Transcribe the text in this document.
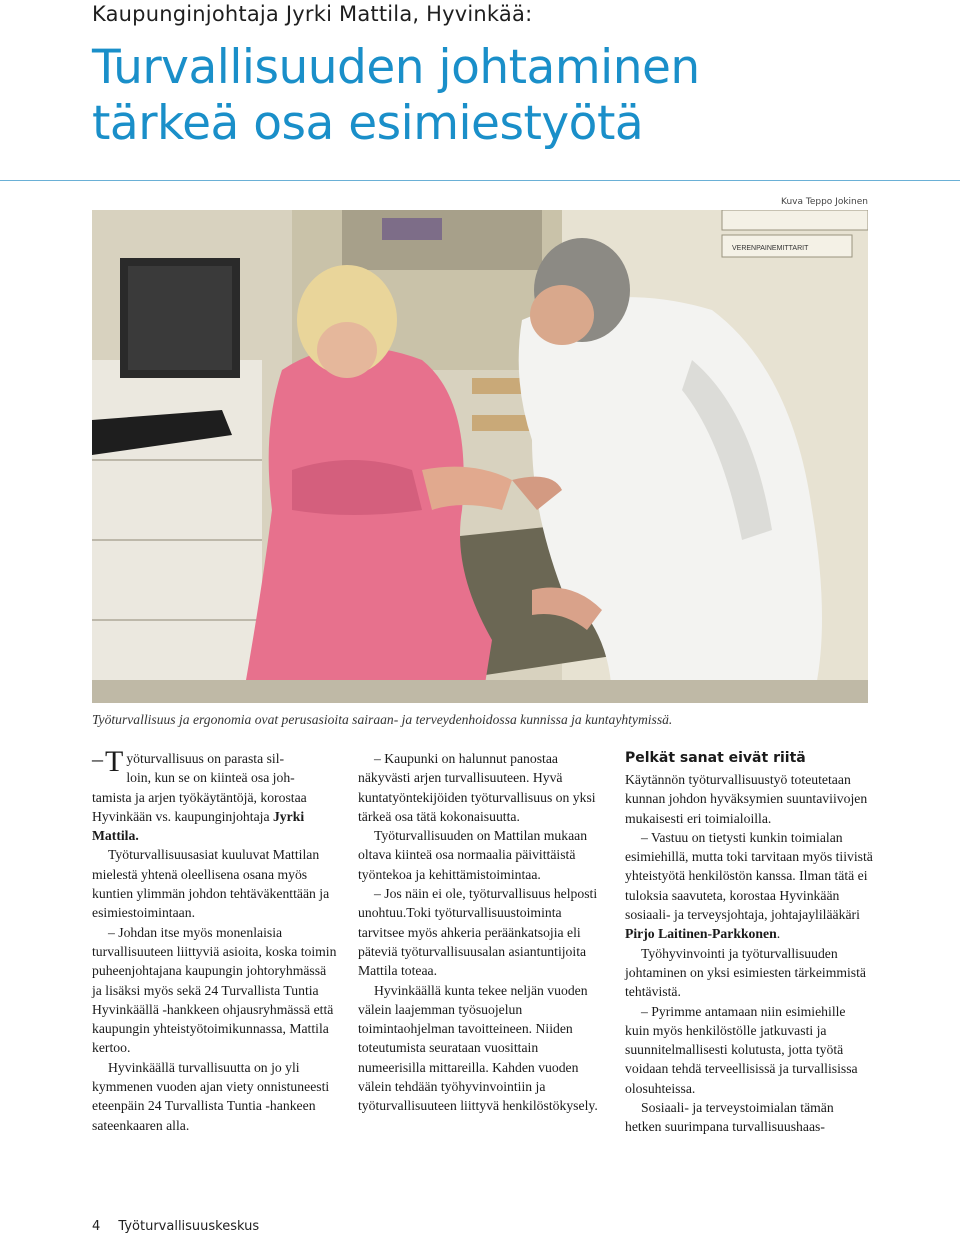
Kaupunginjohtaja Jyrki Mattila, Hyvinkää:
Turvallisuuden johtaminen
tärkeä osa esimiestyötä
Kuva Teppo Jokinen
VERENPAINEMITTARIT
Työturvallisuus ja ergonomia ovat perusasioita sairaan- ja terveydenhoidossa kunnissa ja kuntayhtymissä.
– T yöturvallisuus on parasta sil-
loin, kun se on kiinteä osa joh-

tamista ja arjen työkäytäntöjä, korostaa Hyvinkään vs. kaupunginjohtaja Jyrki Mattila.

Työturvallisuusasiat kuuluvat Mattilan mielestä yhtenä oleellisena osana myös kuntien ylimmän johdon tehtäväkenttään ja esimiestoimintaan.

– Johdan itse myös monenlaisia turvallisuuteen liittyviä asioita, koska toimin puheenjohtajana kaupungin johtoryhmässä ja lisäksi myös sekä 24 Turvallista Tuntia Hyvinkäällä -hankkeen ohjausryhmässä että kaupungin yhteistyötoimikunnassa, Mattila kertoo.

Hyvinkäällä turvallisuutta on jo yli kymmenen vuoden ajan viety onnistuneesti eteenpäin 24 Turvallista Tuntia -hankeen sateenkaaren alla.

– Kaupunki on halunnut panostaa näkyvästi arjen turvallisuuteen. Hyvä kuntatyöntekijöiden työturvallisuus on yksi tärkeä osa tätä kokonaisuutta.

Työturvallisuuden on Mattilan mukaan oltava kiinteä osa normaalia päivittäistä työntekoa ja kehittämistoimintaa.

– Jos näin ei ole, työturvallisuus helposti unohtuu.Toki työturvallisuustoiminta tarvitsee myös ahkeria peräänkatsojia eli päteviä työturvallisuusalan asiantuntijoita Mattila toteaa.

Hyvinkäällä kunta tekee neljän vuoden välein laajemman työsuojelun toimintaohjelman tavoitteineen. Niiden toteutumista seurataan vuosittain numeerisilla mittareilla. Kahden vuoden välein tehdään työhyvinvointiin ja työturvallisuuteen liittyvä henkilöstökysely.

Pelkät sanat eivät riitä

Käytännön työturvallisuustyö toteutetaan kunnan johdon hyväksymien suuntaviivojen mukaisesti eri toimialoilla.

– Vastuu on tietysti kunkin toimialan esimiehillä, mutta toki tarvitaan myös tiivistä yhteistyötä henkilöstön kanssa. Ilman tätä ei tuloksia saavuteta, korostaa Hyvinkään sosiaali- ja terveysjohtaja, johtajaylilääkäri Pirjo Laitinen-Parkkonen.

Työhyvinvointi ja työturvallisuuden johtaminen on yksi esimiesten tärkeimmistä tehtävistä.

– Pyrimme antamaan niin esimiehille kuin myös henkilöstölle jatkuvasti ja suunnitelmallisesti kolutusta, jotta työtä voidaan tehdä terveellisissä ja turvallisissa olosuhteissa.

Sosiaali- ja terveystoimialan tämän hetken suurimpana turvallisuushaas-

4 Työturvallisuuskeskus
